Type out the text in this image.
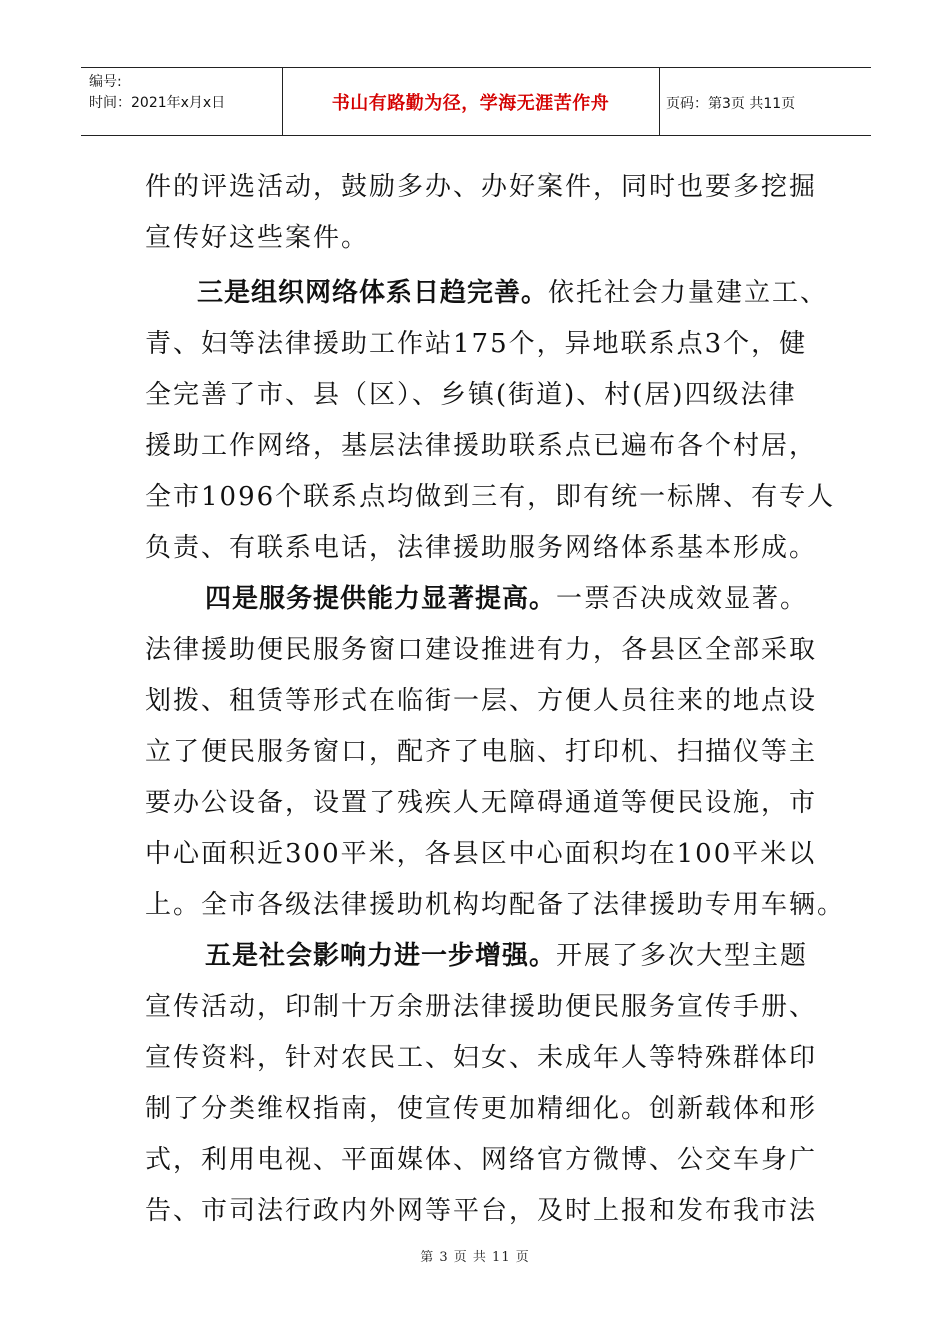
编号:
时间：2021年x月x日	书山有路勤为径，学海无涯苦作舟	页码：第3页 共11页
件的评选活动，鼓励多办、办好案件，同时也要多挖掘
宣传好这些案件。
三是组织网络体系日趋完善。依托社会力量建立工、
青、妇等法律援助工作站175个，异地联系点3个，健
全完善了市、县（区）、乡镇(街道)、村(居)四级法律
援助工作网络，基层法律援助联系点已遍布各个村居，
全市1096个联系点均做到三有，即有统一标牌、有专人
负责、有联系电话，法律援助服务网络体系基本形成。
四是服务提供能力显著提高。一票否决成效显著。
法律援助便民服务窗口建设推进有力，各县区全部采取
划拨、租赁等形式在临街一层、方便人员往来的地点设
立了便民服务窗口，配齐了电脑、打印机、扫描仪等主
要办公设备，设置了残疾人无障碍通道等便民设施，市
中心面积近300平米，各县区中心面积均在100平米以
上。全市各级法律援助机构均配备了法律援助专用车辆。
五是社会影响力进一步增强。开展了多次大型主题
宣传活动，印制十万余册法律援助便民服务宣传手册、
宣传资料，针对农民工、妇女、未成年人等特殊群体印
制了分类维权指南，使宣传更加精细化。创新载体和形
式，利用电视、平面媒体、网络官方微博、公交车身广
告、市司法行政内外网等平台，及时上报和发布我市法
第 3 页 共 11 页
